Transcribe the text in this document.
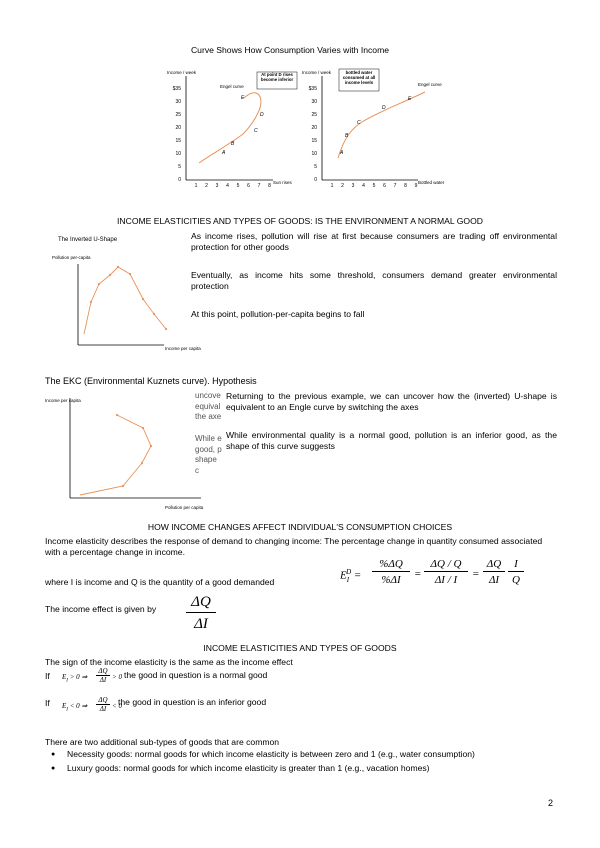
Curve Shows How Consumption Varies with Income
Income / week
$35
30
25
20
15
10
5
0
1 2 3 4 5 6 7 8
Sun rises
Engel curve
At point D rises become inferior
A
B
C
D
E
Income / week
$35
30
25
20
15
10
5
0
1 2 3 4 5 6 7 8 9
Bottled water
Engel curve
bottled water consumed at all income levels
A
B
C
D
E
INCOME ELASTICITIES AND TYPES OF GOODS: IS THE ENVIRONMENT A NORMAL GOOD
The Inverted U-Shape
Pollution per-capita
Income per capita
As income rises, pollution will rise at first because consumers are trading off environmental protection for other goods
Eventually, as income hits some threshold, consumers demand greater environmental protection
At this point, pollution-per-capita begins to fall
The EKC (Environmental Kuznets curve). Hypothesis
Income per capita
Pollution per capita
uncove equival the axe
While e good, p shape c
Returning to the previous example, we can uncover how the (inverted) U-shape is equivalent to an Engle curve by switching the axes
While environmental quality is a normal good, pollution is an inferior good, as the shape of this curve suggests
HOW INCOME CHANGES AFFECT INDIVIDUAL'S CONSUMPTION CHOICES
Income elasticity describes the response of demand to changing income: The percentage change in quantity consumed associated with a percentage change in income.
where I is income and Q is the quantity of a good demanded
$E_I^D$ =
%ΔQ
%ΔI	=
ΔQ / Q
ΔI / I	=
ΔQ
ΔI
I
Q
The income effect is given by	ΔQ
ΔI
INCOME ELASTICITIES AND TYPES OF GOODS
The sign of the income elasticity is the same as the income effect
If $E_I > 0$ ⇒
ΔQ
ΔI > 0 the good in question is a normal good
If $E_I < 0$ ⇒
ΔQ
ΔI < 0
the good in question is an inferior good
There are two additional sub-types of goods that are common
● Necessity goods: normal goods for which income elasticity is between zero and 1 (e.g., water consumption)
● Luxury goods: normal goods for which income elasticity is greater than 1 (e.g., vacation homes)
2
